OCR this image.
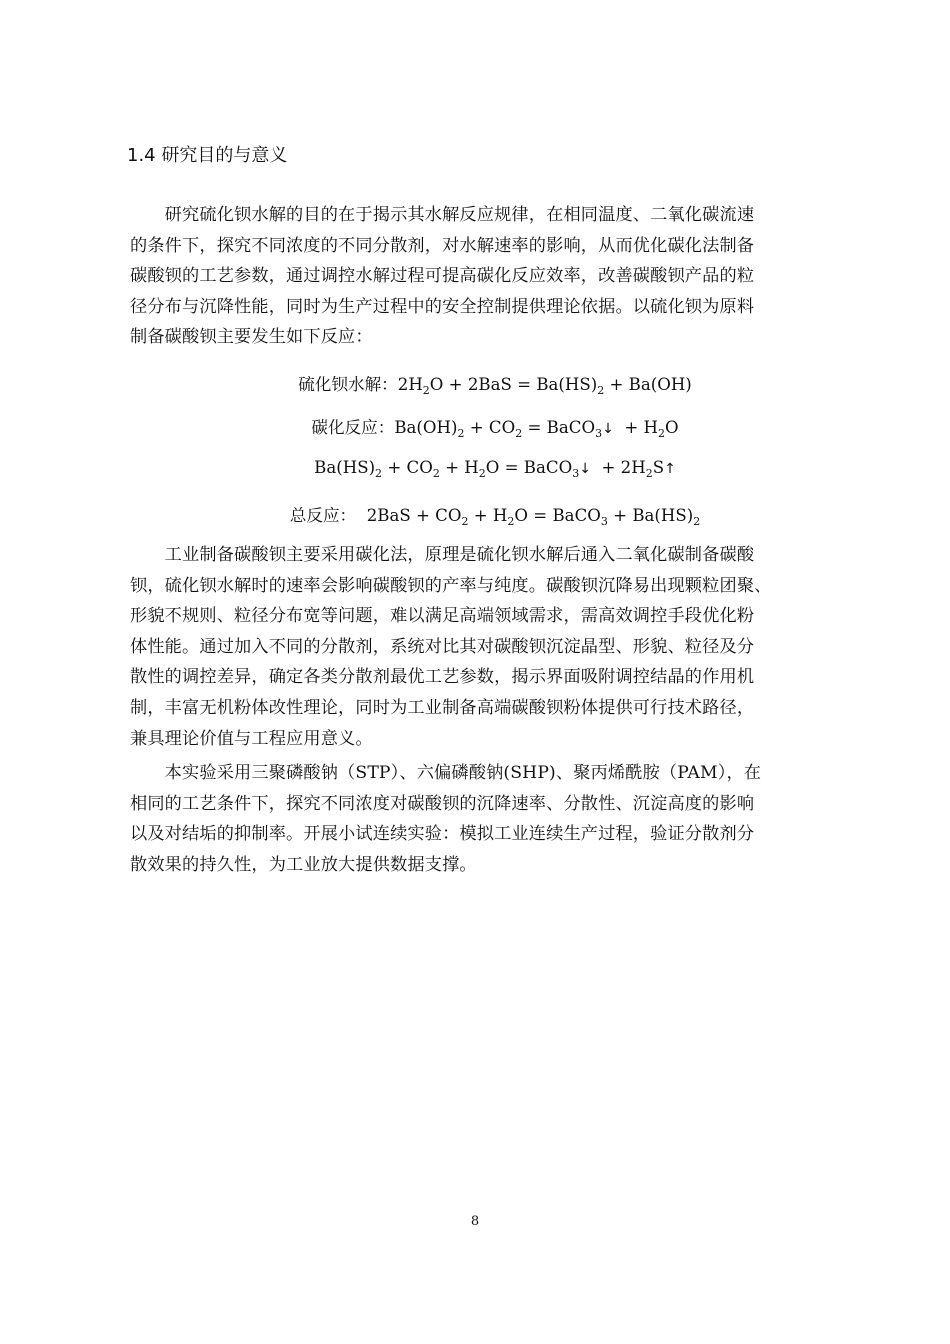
1.4 研究目的与意义
　　研究硫化钡水解的目的在于揭示其水解反应规律，在相同温度、二氧化碳流速
的条件下，探究不同浓度的不同分散剂，对水解速率的影响，从而优化碳化法制备
碳酸钡的工艺参数，通过调控水解过程可提高碳化反应效率，改善碳酸钡产品的粒
径分布与沉降性能，同时为生产过程中的安全控制提供理论依据。以硫化钡为原料
制备碳酸钡主要发生如下反应：
硫化钡水解：$2H_2O + 2BaS = Ba(HS)_2 + Ba(OH)$
碳化反应：$Ba(OH)_2 + CO_2$ = BaCO$_3$↓  + $H_2O$
$Ba(HS)_2 + CO_2 + H_2O$ = BaCO$_3$↓  + $2H_2S↑$
总反应：  $2BaS + CO_2 + H_2O$ = BaCO$_3$ + $Ba(HS)_2$
　　工业制备碳酸钡主要采用碳化法，原理是硫化钡水解后通入二氧化碳制备碳酸
钡，硫化钡水解时的速率会影响碳酸钡的产率与纯度。碳酸钡沉降易出现颗粒团聚、
形貌不规则、粒径分布宽等问题，难以满足高端领域需求，需高效调控手段优化粉
体性能。通过加入不同的分散剂，系统对比其对碳酸钡沉淀晶型、形貌、粒径及分
散性的调控差异，确定各类分散剂最优工艺参数，揭示界面吸附调控结晶的作用机
制，丰富无机粉体改性理论，同时为工业制备高端碳酸钡粉体提供可行技术路径，
兼具理论价值与工程应用意义。
　　本实验采用三聚磷酸钠（STP）、六偏磷酸钠(SHP)、聚丙烯酰胺（PAM），在
相同的工艺条件下，探究不同浓度对碳酸钡的沉降速率、分散性、沉淀高度的影响
以及对结垢的抑制率。开展小试连续实验：模拟工业连续生产过程，验证分散剂分
散效果的持久性，为工业放大提供数据支撑。
8
